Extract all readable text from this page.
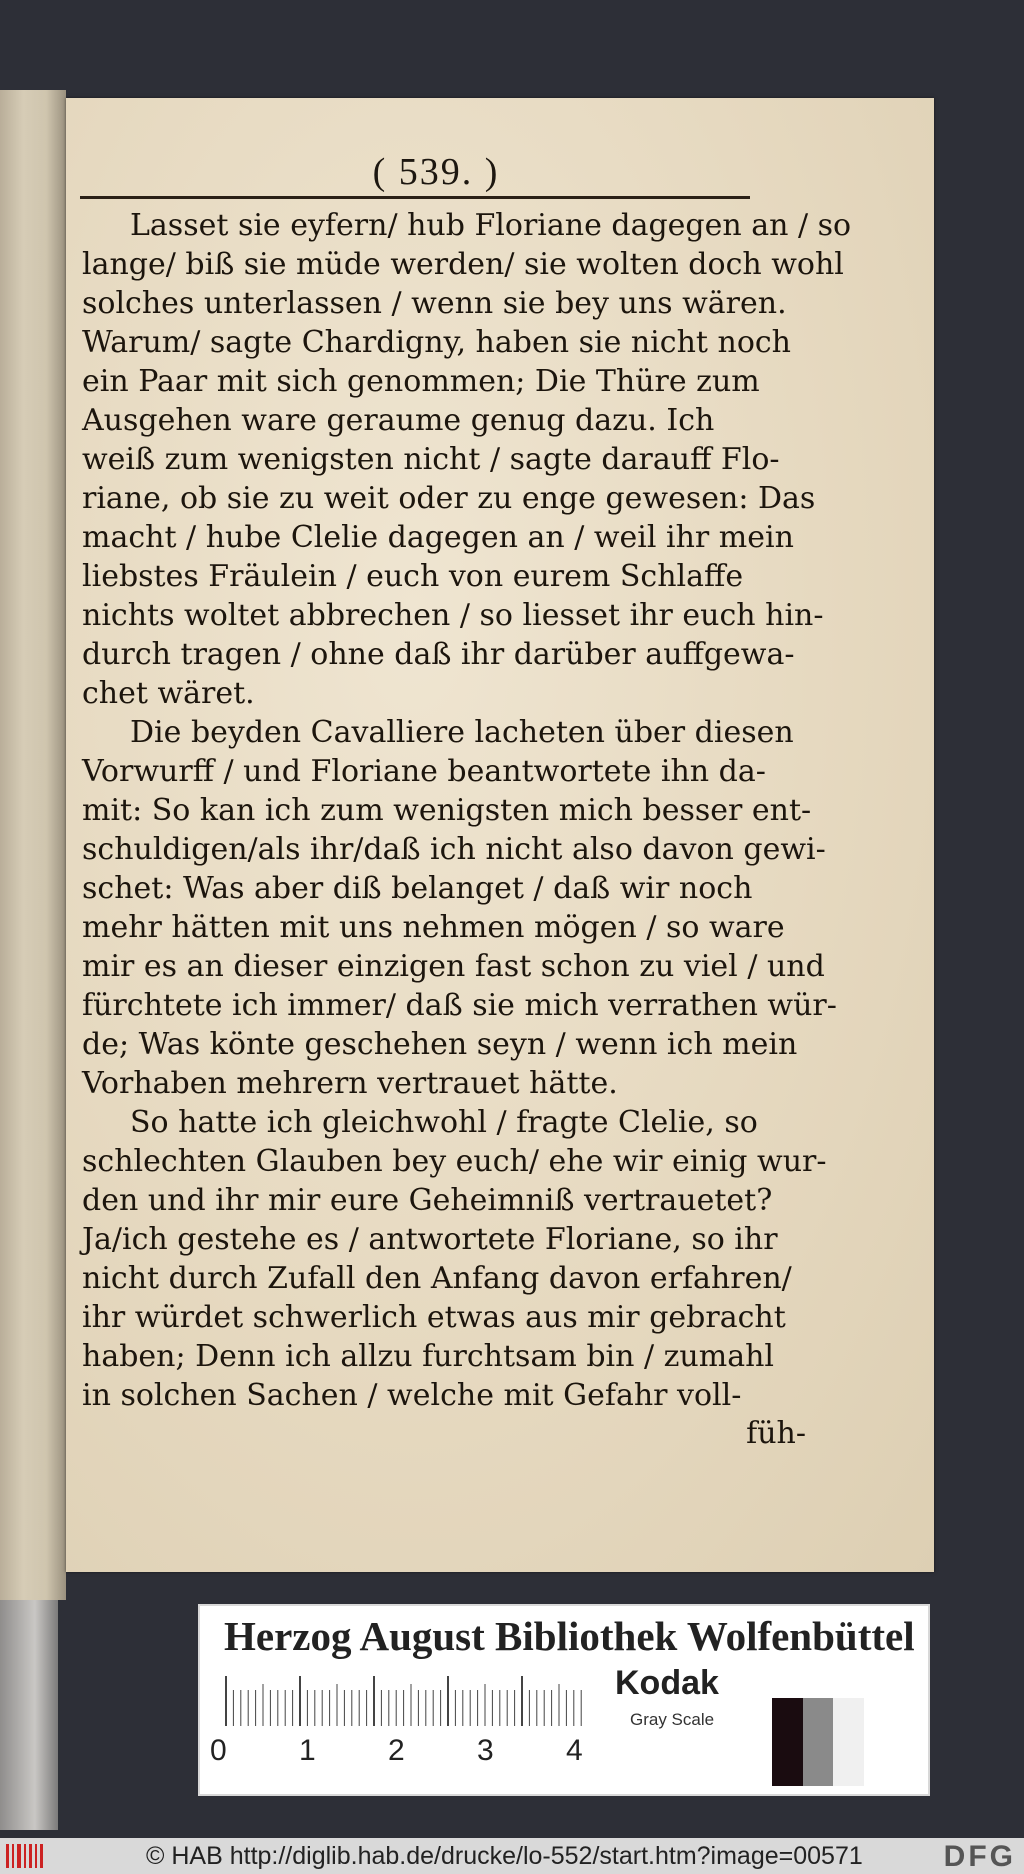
( 539. )
Lasset sie eyfern/ hub Floriane dagegen an / so
lange/ biß sie müde werden/ sie wolten doch wohl
solches unterlassen / wenn sie bey uns wären.
Warum/ sagte Chardigny, haben sie nicht noch
ein Paar mit sich genommen; Die Thüre zum
Ausgehen ware geraume genug dazu. Ich
weiß zum wenigsten nicht / sagte darauff Flo-
riane, ob sie zu weit oder zu enge gewesen: Das
macht / hube Clelie dagegen an / weil ihr mein
liebstes Fräulein / euch von eurem Schlaffe
nichts woltet abbrechen / so liesset ihr euch hin-
durch tragen / ohne daß ihr darüber auffgewa-
chet wäret.
Die beyden Cavalliere lacheten über diesen
Vorwurff / und Floriane beantwortete ihn da-
mit: So kan ich zum wenigsten mich besser ent-
schuldigen/als ihr/daß ich nicht also davon gewi-
schet: Was aber diß belanget / daß wir noch
mehr hätten mit uns nehmen mögen / so ware
mir es an dieser einzigen fast schon zu viel / und
fürchtete ich immer/ daß sie mich verrathen wür-
de; Was könte geschehen seyn / wenn ich mein
Vorhaben mehrern vertrauet hätte.
So hatte ich gleichwohl / fragte Clelie, so
schlechten Glauben bey euch/ ehe wir einig wur-
den und ihr mir eure Geheimniß vertrauetet?
Ja/ich gestehe es / antwortete Floriane, so ihr
nicht durch Zufall den Anfang davon erfahren/
ihr würdet schwerlich etwas aus mir gebracht
haben; Denn ich allzu furchtsam bin / zumahl
in solchen Sachen / welche mit Gefahr voll-
füh-
Herzog August Bibliothek Wolfenbüttel
0 1 2 3 4
Kodak
Gray Scale
© HAB http://diglib.hab.de/drucke/lo-552/start.htm?image=00571	DFG
